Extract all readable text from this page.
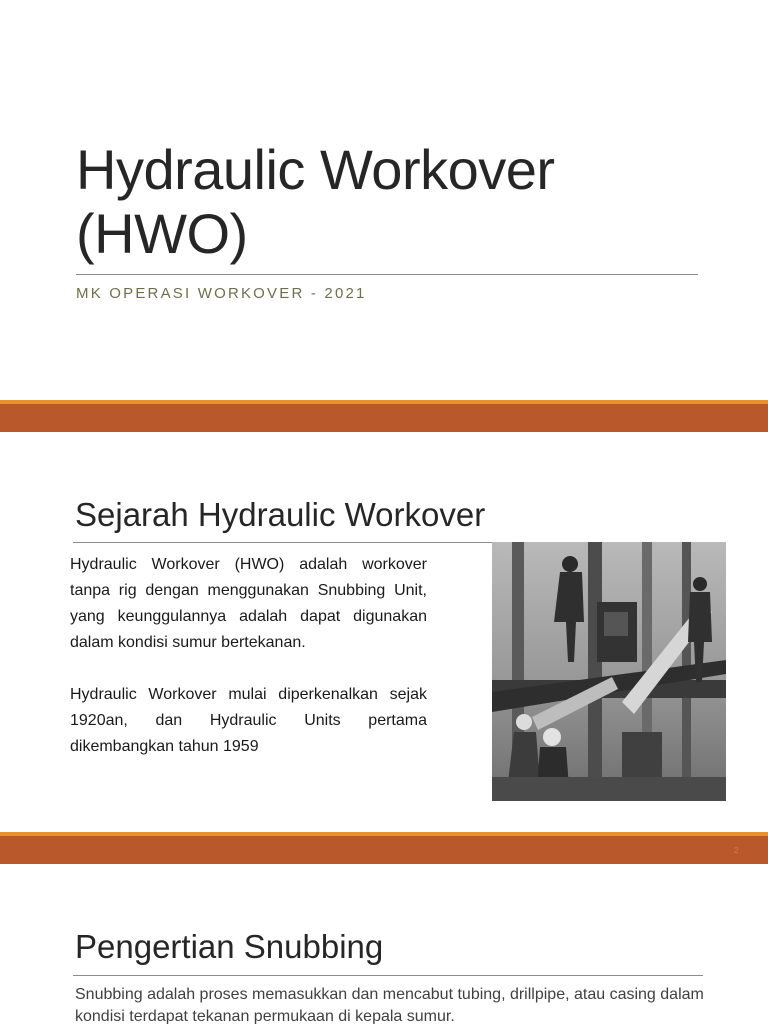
Hydraulic Workover (HWO)
MK OPERASI WORKOVER - 2021
Sejarah Hydraulic Workover

Hydraulic Workover (HWO) adalah workover tanpa rig dengan menggunakan Snubbing Unit, yang keunggulannya adalah dapat digunakan dalam kondisi sumur bertekanan.

Hydraulic Workover mulai diperkenalkan sejak 1920an, dan Hydraulic Units pertama dikembangkan tahun 1959

2
Pengertian Snubbing
Snubbing adalah proses memasukkan dan mencabut tubing, drillpipe, atau casing dalam kondisi terdapat tekanan permukaan di kepala sumur.
